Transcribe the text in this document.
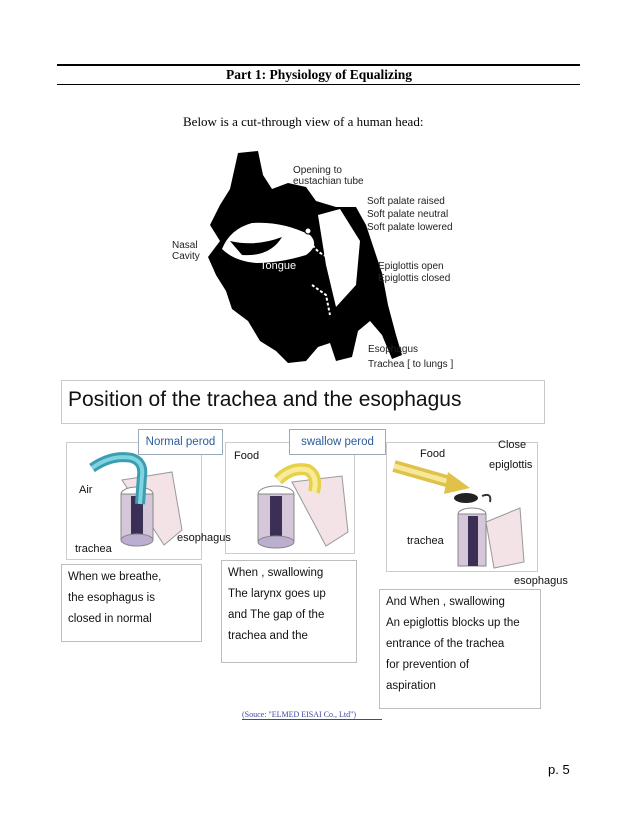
Part 1: Physiology of Equalizing
Below is a cut-through view of a human head:
Opening to
eustachian tube
Soft palate raised
Soft palate neutral
Soft palate lowered
Nasal
Cavity
Tongue	Epiglottis open
Epiglottis closed
Esophagus
Trachea [ to lungs ]
Position of the trachea and the esophagus
Normal perod	swallow perod
Air
esophagus
trachea
Food	Food
Close
epiglottis
trachea
esophagus
When we breathe,
the esophagus is
closed in normal
When , swallowing
The larynx goes up
and The gap of the
trachea and the
And When , swallowing
An epiglottis blocks up the
entrance of the trachea
for prevention of
aspiration
(Souce: "ELMED EISAI Co., Ltd")
p. 5
